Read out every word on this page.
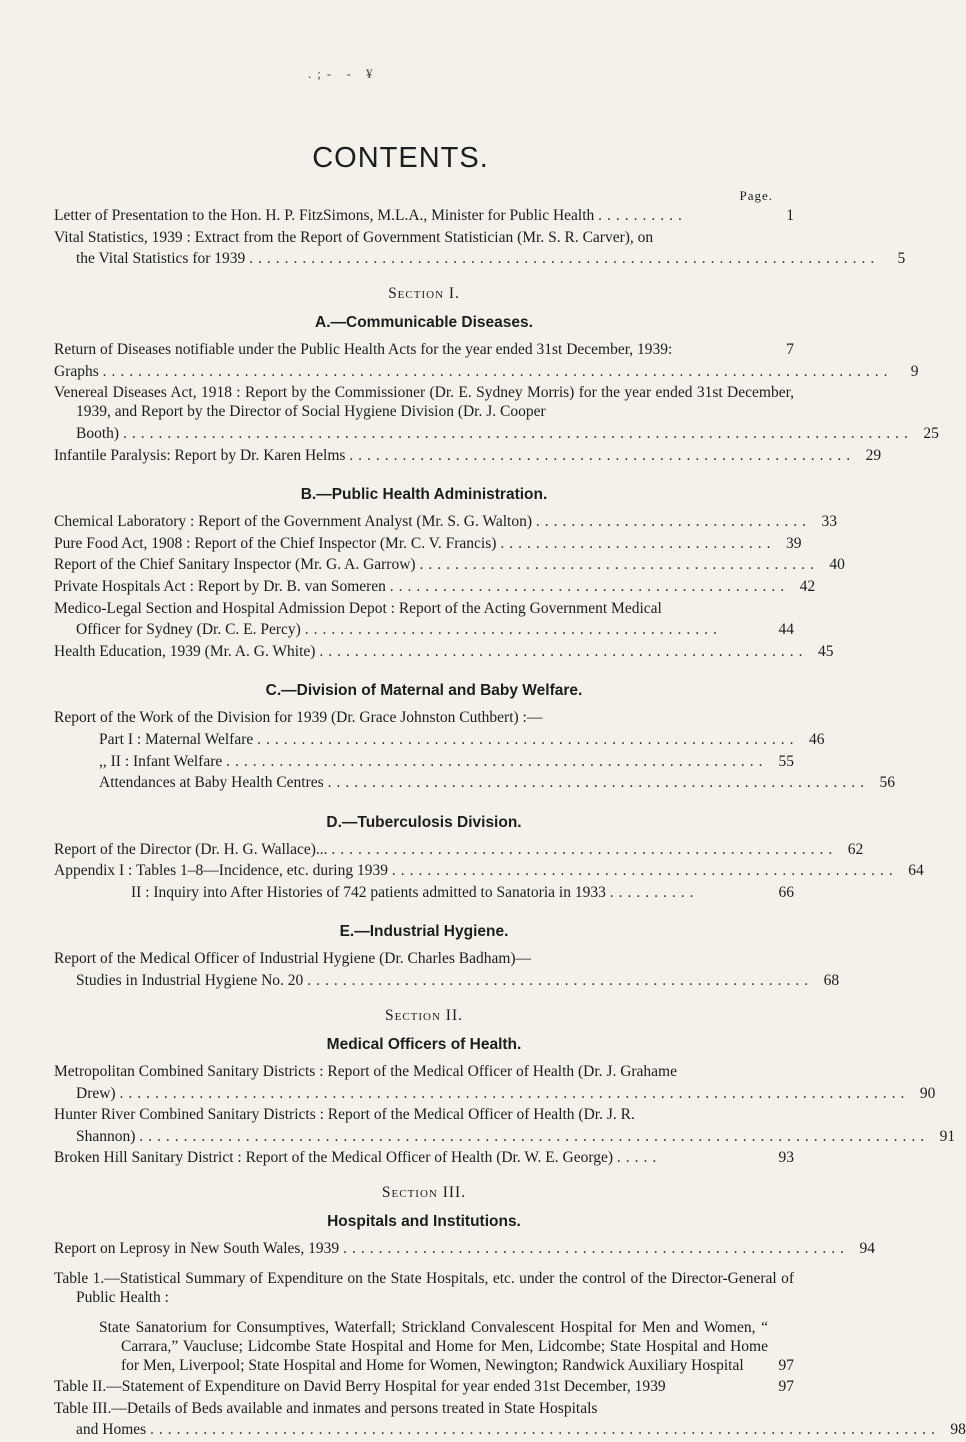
.;‐ ‐ ¥
CONTENTS.
Page.
Letter of Presentation to the Hon. H. P. FitzSimons, M.L.A., Minister for Public Health ..........	1
Vital Statistics, 1939 : Extract from the Report of Government Statistician (Mr. S. R. Carver), on
the Vital Statistics for 1939 .......................................................................	5
Section I.
A.—Communicable Diseases.
Return of Diseases notifiable under the Public Health Acts for the year ended 31st December, 1939:	7
Graphs .........................................................................................	9
Venereal Diseases Act, 1918 : Report by the Commissioner (Dr. E. Sydney Morris) for the year ended 31st December, 1939, and Report by the Director of Social Hygiene Division (Dr. J. Cooper
Booth) ......................................................................................... 25
Infantile Paralysis: Report by Dr. Karen Helms ......................................................... 29
B.—Public Health Administration.
Chemical Laboratory : Report of the Government Analyst (Mr. S. G. Walton) ............................... 33
Pure Food Act, 1908 : Report of the Chief Inspector (Mr. C. V. Francis) ............................... 39
Report of the Chief Sanitary Inspector (Mr. G. A. Garrow) ............................................. 40
Private Hospitals Act : Report by Dr. B. van Someren ............................................. 42
Medico-Legal Section and Hospital Admission Depot : Report of the Acting Government Medical
Officer for Sydney (Dr. C. E. Percy) ...............................................	44
Health Education, 1939 (Mr. A. G. White) ....................................................... 45
C.—Division of Maternal and Baby Welfare.
Report of the Work of the Division for 1939 (Dr. Grace Johnston Cuthbert) :—
Part I : Maternal Welfare ............................................................. 46
,, II : Infant Welfare ............................................................. 55
Attendances at Baby Health Centres ............................................................. 56
D.—Tuberculosis Division.
Report of the Director (Dr. H. G. Wallace)... ......................................................... 62
Appendix I : Tables 1–8—Incidence, etc. during 1939 ......................................................... 64
II : Inquiry into After Histories of 742 patients admitted to Sanatoria in 1933 ..........	66
E.—Industrial Hygiene.
Report of the Medical Officer of Industrial Hygiene (Dr. Charles Badham)—
Studies in Industrial Hygiene No. 20 ......................................................... 68
Section II.
Medical Officers of Health.
Metropolitan Combined Sanitary Districts : Report of the Medical Officer of Health (Dr. J. Grahame
Drew) ......................................................................................... 90
Hunter River Combined Sanitary Districts : Report of the Medical Officer of Health (Dr. J. R.
Shannon) ......................................................................................... 91
Broken Hill Sanitary District : Report of the Medical Officer of Health (Dr. W. E. George) .....	93
Section III.
Hospitals and Institutions.
Report on Leprosy in New South Wales, 1939 ......................................................... 94
Table 1.—Statistical Summary of Expenditure on the State Hospitals, etc. under the control of the Director-General of Public Health :
State Sanatorium for Consumptives, Waterfall; Strickland Convalescent Hospital for Men and Women, “ Carrara,” Vaucluse; Lidcombe State Hospital and Home for Men, Lidcombe; State Hospital and Home for Men, Liverpool; State Hospital and Home for Women, Newington; Randwick Auxiliary Hospital	97
Table II.—Statement of Expenditure on David Berry Hospital for year ended 31st December, 1939	97
Table III.—Details of Beds available and inmates and persons treated in State Hospitals
and Homes ......................................................................................... 98
